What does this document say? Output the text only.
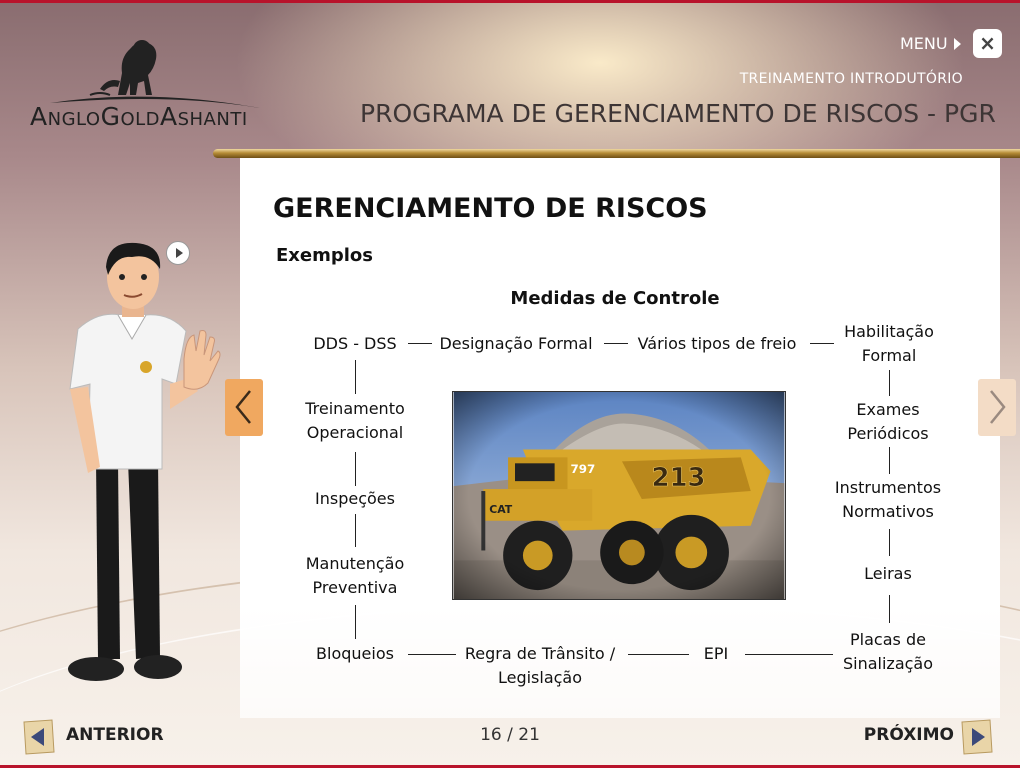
AngloGoldAshanti
MENU	×
TREINAMENTO INTRODUTÓRIO
PROGRAMA DE GERENCIAMENTO DE RISCOS - PGR
GERENCIAMENTO DE RISCOS
Exemplos
Medidas de Controle
DDS - DSS	Designação Formal	Vários tipos de freio
Habilitação
Formal
Treinamento
Operacional
Inspeções
Manutenção
Preventiva
Exames
Periódicos
Instrumentos
Normativos
Leiras
Bloqueios	Regra de Trânsito /
Legislação
EPI
Placas de
Sinalização
ANTERIOR	16 / 21	PRÓXIMO
